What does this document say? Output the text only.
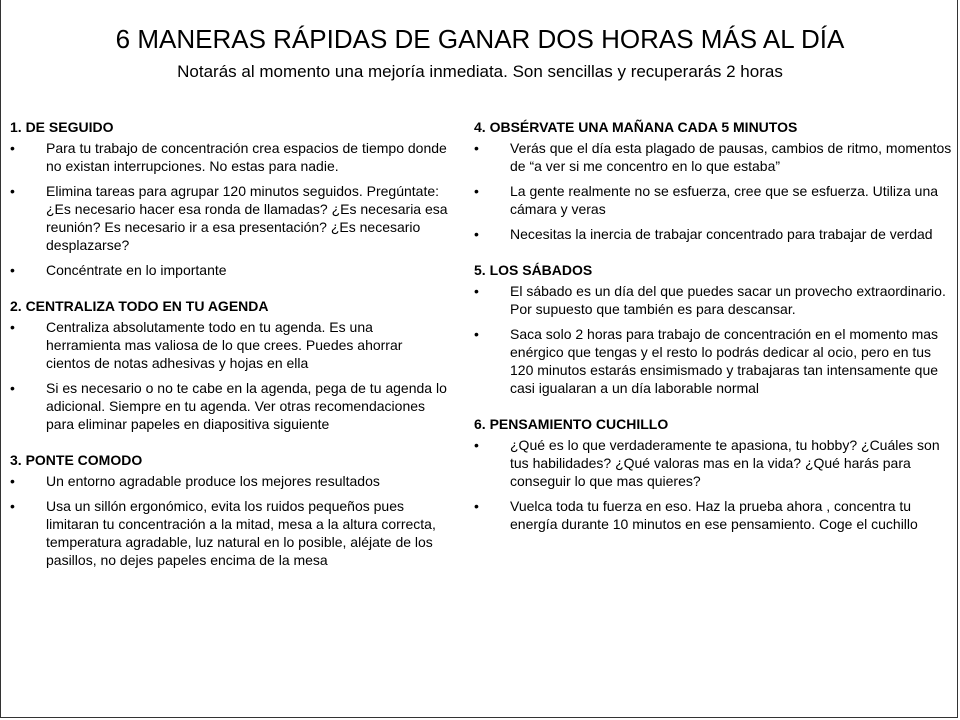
6 MANERAS RÁPIDAS DE GANAR DOS HORAS MÁS AL DÍA
Notarás al momento una mejoría inmediata. Son sencillas y recuperarás 2 horas
1. DE SEGUIDO
•	Para tu trabajo de concentración crea espacios de tiempo donde no existan interrupciones. No estas para nadie.
•	Elimina tareas para agrupar 120 minutos seguidos. Pregúntate: ¿Es necesario hacer esa ronda de llamadas? ¿Es necesaria esa reunión? Es necesario ir a esa presentación? ¿Es necesario desplazarse?
•	Concéntrate en lo importante
2. CENTRALIZA TODO EN TU AGENDA
•	Centraliza absolutamente todo en tu agenda. Es una herramienta mas valiosa de lo que crees. Puedes ahorrar cientos de notas adhesivas y hojas en ella
•	Si es necesario o no te cabe en la agenda, pega de tu agenda lo adicional. Siempre en tu agenda. Ver otras recomendaciones para eliminar papeles en diapositiva siguiente
3. PONTE COMODO
•	Un entorno agradable produce los mejores resultados
•	Usa un sillón ergonómico, evita los ruidos pequeños pues limitaran tu concentración a la mitad, mesa a la altura correcta, temperatura agradable, luz natural en lo posible, aléjate de los pasillos, no dejes papeles encima de la mesa
4. OBSÉRVATE UNA MAÑANA CADA 5 MINUTOS
•	Verás que el día esta plagado de pausas, cambios de ritmo, momentos de “a ver si me concentro en lo que estaba”
•	La gente realmente no se esfuerza, cree que se esfuerza. Utiliza una cámara y veras
•	Necesitas la inercia de trabajar concentrado para trabajar de verdad
5. LOS SÁBADOS
•	El sábado es un día del que puedes sacar un provecho extraordinario. Por supuesto que también es para descansar.
•	Saca solo 2 horas para trabajo de concentración en el momento mas enérgico que tengas y el resto lo podrás dedicar al ocio, pero en tus 120 minutos estarás ensimismado y trabajaras tan intensamente que casi igualaran a un día laborable normal
6. PENSAMIENTO CUCHILLO
•	¿Qué es lo que verdaderamente te apasiona, tu hobby? ¿Cuáles son tus habilidades? ¿Qué valoras mas en la vida? ¿Qué harás para conseguir lo que mas quieres?
•	Vuelca toda tu fuerza en eso. Haz la prueba ahora , concentra tu energía durante 10 minutos en ese pensamiento. Coge el cuchillo
